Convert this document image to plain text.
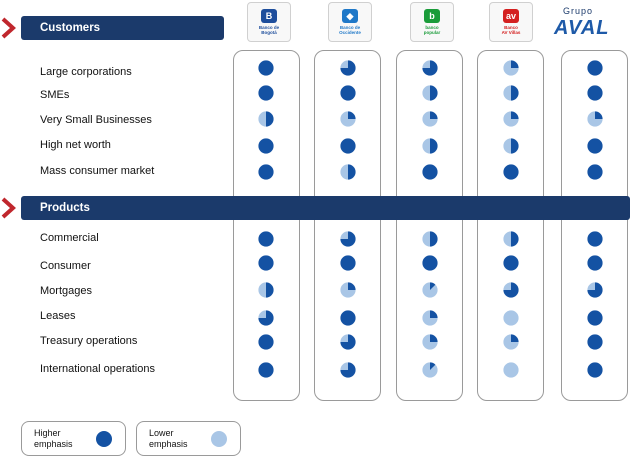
Customers
Products
B
Banco de
Bogotá
◆
Banco de
Occidente
b
banco
popular
av
Banco
AV Villas
Grupo
AVAL
Large corporations
SMEs
Very Small Businesses
High net worth
Mass consumer market
Commercial
Consumer
Mortgages
Leases
Treasury operations
International operations
Higher emphasis
Lower emphasis
